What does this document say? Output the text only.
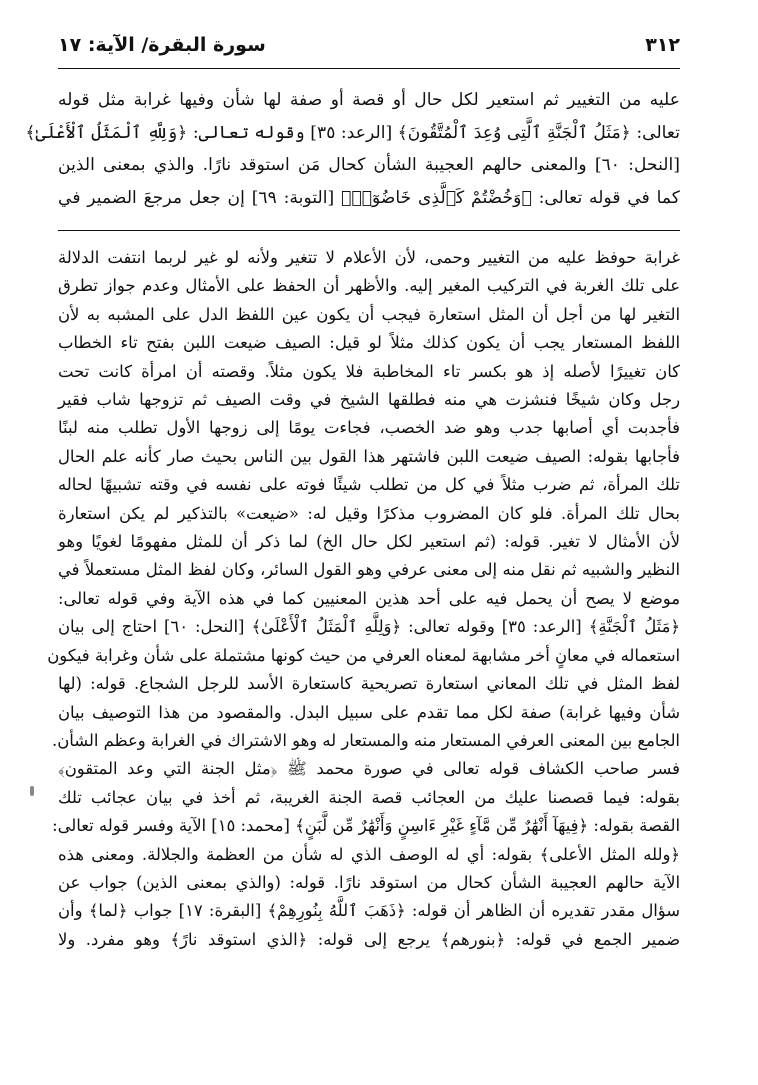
٣١٢
سورة البقرة/ الآية: ١٧
عليه من التغيير ثم استعير لكل حال أو قصة أو صفة لها شأن وفيها غرابة مثل قوله
تعالى: ﴿مَثَلُ ٱلْجَنَّةِ ٱلَّتِى وُعِدَ ٱلْمُتَّقُونَ﴾ [الرعد: ٣٥] وقوله تعالى: ﴿وَلِلَّهِ ٱلْمَثَلُ ٱلْأَعْلَىٰ﴾
[النحل: ٦٠] والمعنى حالهم العجيبة الشأن كحال مَن استوقد نارًا. والذي بمعنى الذين
كما في قوله تعالى: ﴿وَخُضْتُمْ كَٱلَّذِى خَاضُوٓا۟﴾ [التوبة: ٦٩] إن جعل مرجعَ الضمير في
غرابة حوفظ عليه من التغيير وحمى، لأن الأعلام لا تتغير ولأنه لو غير لربما انتفت الدلالة
على تلك الغربة في التركيب المغير إليه. والأظهر أن الحفظ على الأمثال وعدم جواز تطرق
التغير لها من أجل أن المثل استعارة فيجب أن يكون عين اللفظ الدل على المشبه به لأن
اللفظ المستعار يجب أن يكون كذلك مثلاً لو قيل: الصيف ضيعت اللبن بفتح تاء الخطاب
كان تغييرًا لأصله إذ هو بكسر تاء المخاطبة فلا يكون مثلاً. وقصته أن امرأة كانت تحت
رجل وكان شيخًا فنشزت هي منه فطلقها الشيخ في وقت الصيف ثم تزوجها شاب فقير
فأجدبت أي أصابها جدب وهو ضد الخصب، فجاءت يومًا إلى زوجها الأول تطلب منه لبنًا
فأجابها بقوله: الصيف ضيعت اللبن فاشتهر هذا القول بين الناس بحيث صار كأنه علم الحال
تلك المرأة، ثم ضرب مثلاً في كل من تطلب شيئًا فوته على نفسه في وقته تشبيهًا لحاله
بحال تلك المرأة. فلو كان المضروب مذكرًا وقيل له: «ضيعت» بالتذكير لم يكن استعارة
لأن الأمثال لا تغير. قوله: (ثم استعير لكل حال الخ) لما ذكر أن للمثل مفهومًا لغويًا وهو
النظير والشبيه ثم نقل منه إلى معنى عرفي وهو القول السائر، وكان لفظ المثل مستعملاً في
موضع لا يصح أن يحمل فيه على أحد هذين المعنيين كما في هذه الآية وفي قوله تعالى:
﴿مَثَلُ ٱلْجَنَّةِ﴾ [الرعد: ٣٥] وقوله تعالى: ﴿وَلِلَّهِ ٱلْمَثَلُ ٱلْأَعْلَىٰ﴾ [النحل: ٦٠] احتاج إلى بيان
استعماله في معانٍ أخر مشابهة لمعناه العرفي من حيث كونها مشتملة على شأن وغرابة فيكون
لفظ المثل في تلك المعاني استعارة تصريحية كاستعارة الأسد للرجل الشجاع. قوله: (لها
شأن وفيها غرابة) صفة لكل مما تقدم على سبيل البدل. والمقصود من هذا التوصيف بيان
الجامع بين المعنى العرفي المستعار منه والمستعار له وهو الاشتراك في الغرابة وعظم الشأن.
فسر صاحب الكشاف قوله تعالى في صورة محمد ﷺ ﴿مثل الجنة التي وعد المتقون﴾
بقوله: فيما قصصنا عليك من العجائب قصة الجنة الغريبة، ثم أخذ في بيان عجائب تلك
القصة بقوله: ﴿فِيهَآ أَنْهَٰرٌ مِّن مَّآءٍ غَيْرِ ءَاسِنٍ وَأَنْهَٰرٌ مِّن لَّبَنٍ﴾ [محمد: ١٥] الآية وفسر قوله تعالى:
﴿ولله المثل الأعلى﴾ بقوله: أي له الوصف الذي له شأن من العظمة والجلالة. ومعنى هذه
الآية حالهم العجيبة الشأن كحال من استوقد نارًا. قوله: (والذي بمعنى الذين) جواب عن
سؤال مقدر تقديره أن الظاهر أن قوله: ﴿ذَهَبَ ٱللَّهُ بِنُورِهِمْ﴾ [البقرة: ١٧] جواب ﴿لما﴾ وأن
ضمير الجمع في قوله: ﴿بنورهم﴾ يرجع إلى قوله: ﴿الذي استوقد نارً﴾ وهو مفرد. ولا
